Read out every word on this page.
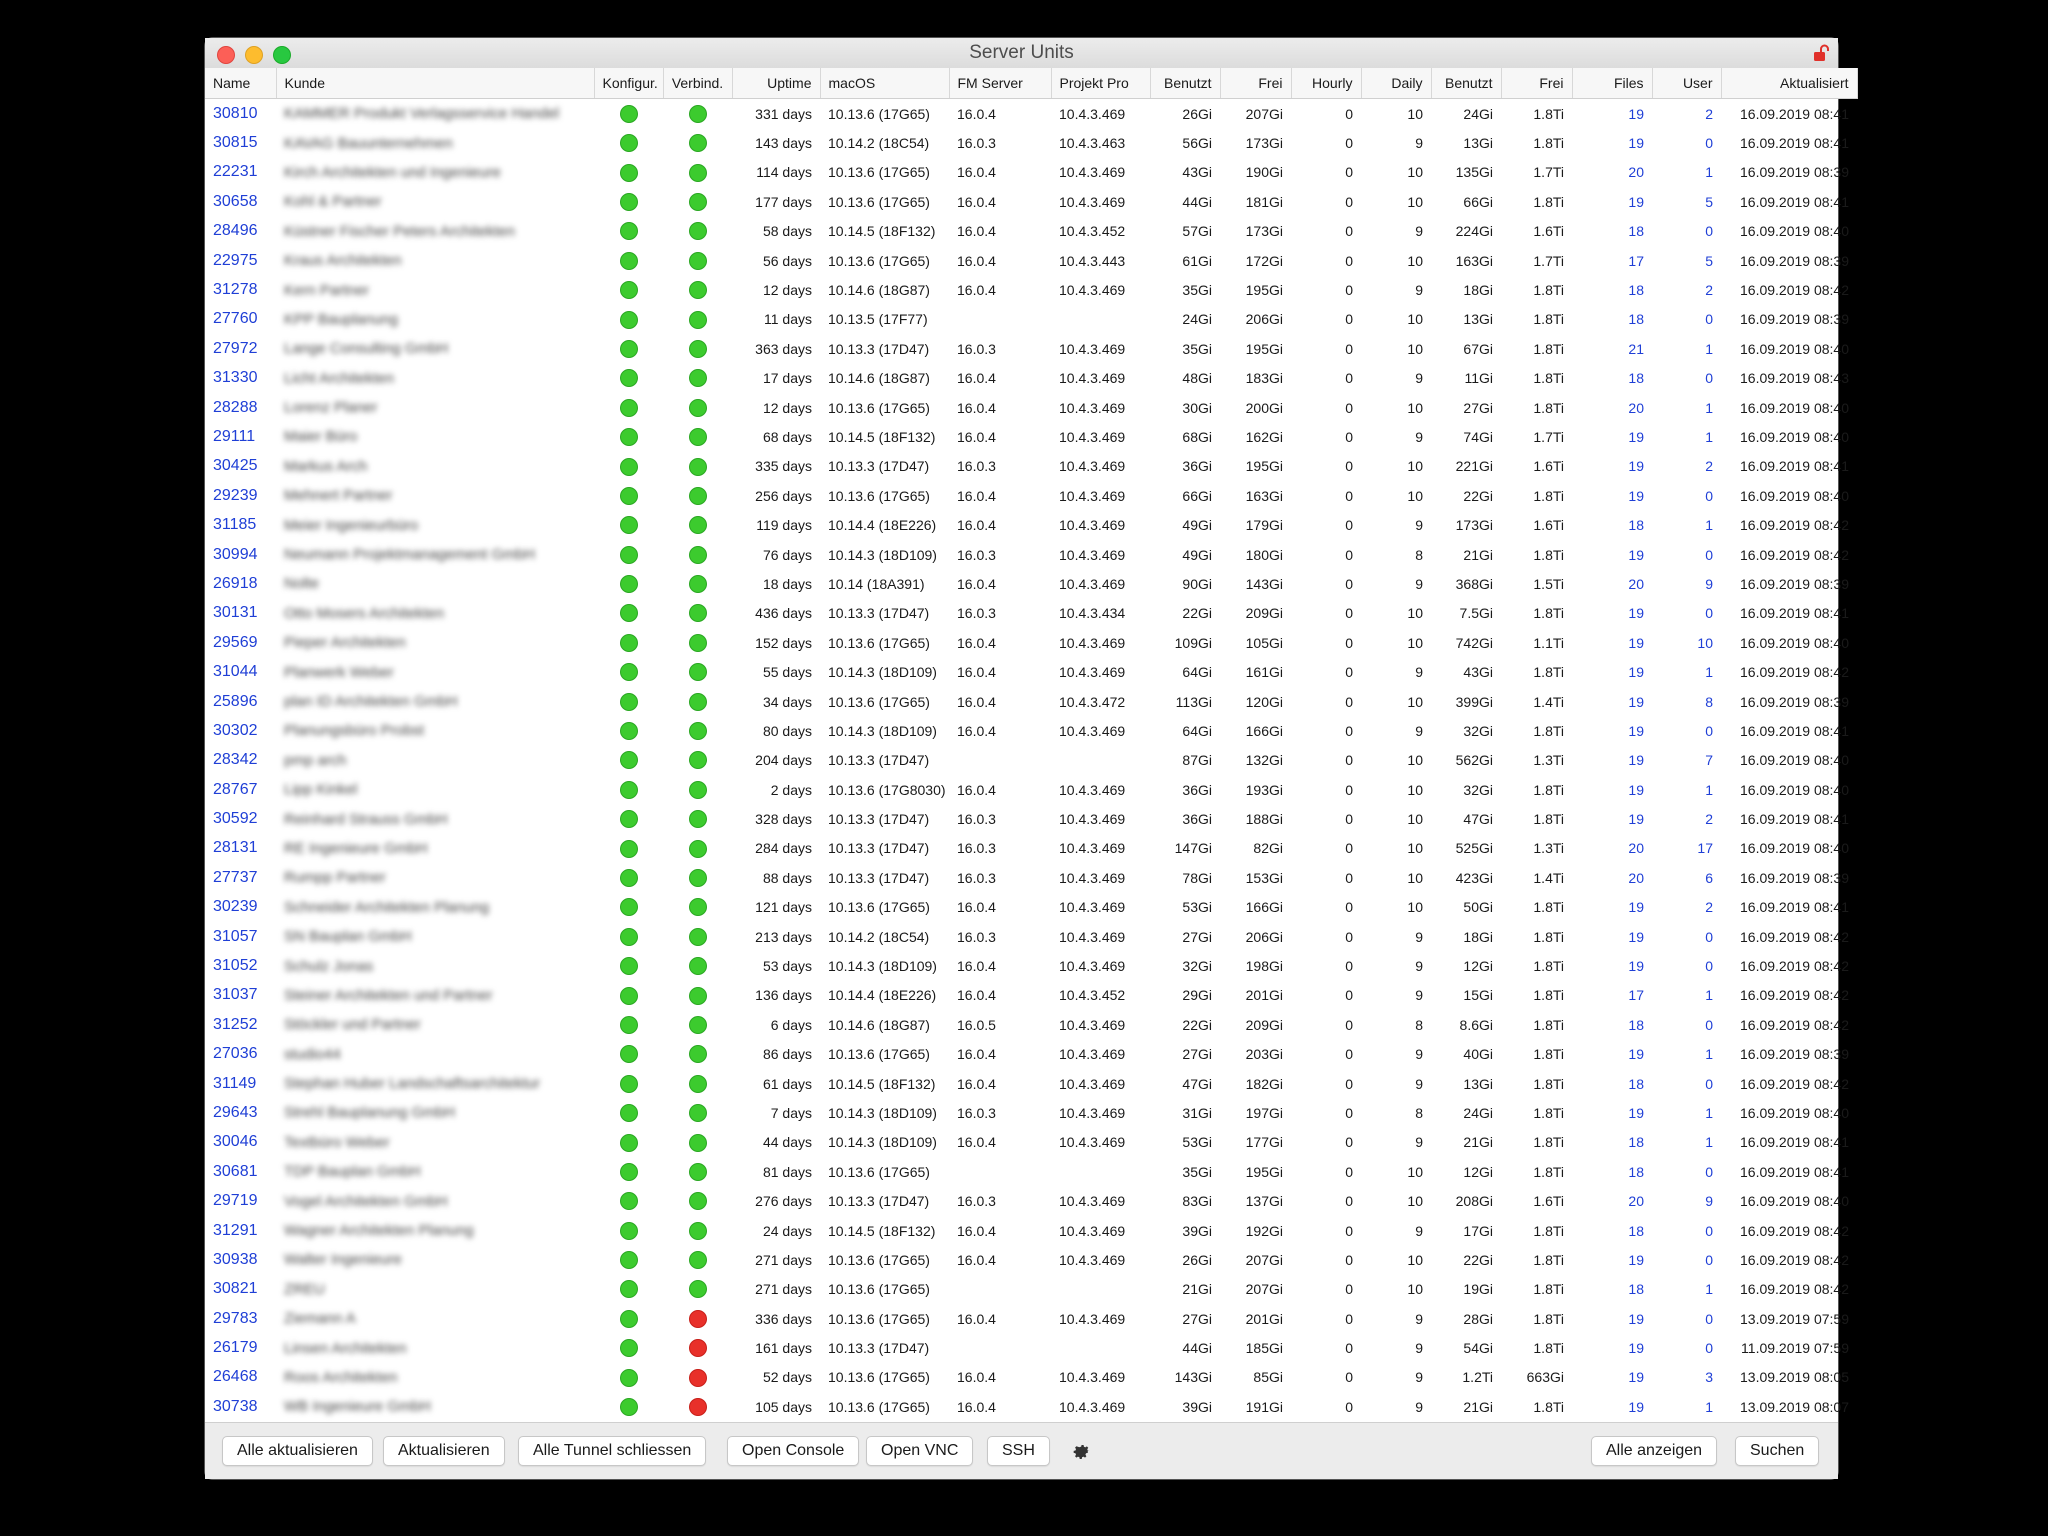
Server Units
Name	Kunde	Konfigur.	Verbind.	Uptime	macOS	FM Server	Projekt Pro	Benutzt	Frei	Hourly	Daily	Benutzt	Frei	Files	User	Aktualisiert
30810	KAMMER Produkt Verlagsservice Handel			331 days	10.13.6 (17G65)	16.0.4	10.4.3.469	26Gi	207Gi	0	10	24Gi	1.8Ti	19	2	16.09.2019 08:41
30815	KAVAG Bauunternehmen			143 days	10.14.2 (18C54)	16.0.3	10.4.3.463	56Gi	173Gi	0	9	13Gi	1.8Ti	19	0	16.09.2019 08:41
22231	Kirch Architekten und Ingenieure			114 days	10.13.6 (17G65)	16.0.4	10.4.3.469	43Gi	190Gi	0	10	135Gi	1.7Ti	20	1	16.09.2019 08:39
30658	Kohl & Partner			177 days	10.13.6 (17G65)	16.0.4	10.4.3.469	44Gi	181Gi	0	10	66Gi	1.8Ti	19	5	16.09.2019 08:41
28496	Küstner Fischer Peters Architekten			58 days	10.14.5 (18F132)	16.0.4	10.4.3.452	57Gi	173Gi	0	9	224Gi	1.6Ti	18	0	16.09.2019 08:40
22975	Kraus Architekten			56 days	10.13.6 (17G65)	16.0.4	10.4.3.443	61Gi	172Gi	0	10	163Gi	1.7Ti	17	5	16.09.2019 08:39
31278	Kern Partner			12 days	10.14.6 (18G87)	16.0.4	10.4.3.469	35Gi	195Gi	0	9	18Gi	1.8Ti	18	2	16.09.2019 08:42
27760	KPP Bauplanung			11 days	10.13.5 (17F77)			24Gi	206Gi	0	10	13Gi	1.8Ti	18	0	16.09.2019 08:39
27972	Lange Consulting GmbH			363 days	10.13.3 (17D47)	16.0.3	10.4.3.469	35Gi	195Gi	0	10	67Gi	1.8Ti	21	1	16.09.2019 08:40
31330	Licht Architekten			17 days	10.14.6 (18G87)	16.0.4	10.4.3.469	48Gi	183Gi	0	9	11Gi	1.8Ti	18	0	16.09.2019 08:43
28288	Lorenz Planer			12 days	10.13.6 (17G65)	16.0.4	10.4.3.469	30Gi	200Gi	0	10	27Gi	1.8Ti	20	1	16.09.2019 08:40
29111	Maier Büro			68 days	10.14.5 (18F132)	16.0.4	10.4.3.469	68Gi	162Gi	0	9	74Gi	1.7Ti	19	1	16.09.2019 08:40
30425	Markus Arch			335 days	10.13.3 (17D47)	16.0.3	10.4.3.469	36Gi	195Gi	0	10	221Gi	1.6Ti	19	2	16.09.2019 08:41
29239	Mehnert Partner			256 days	10.13.6 (17G65)	16.0.4	10.4.3.469	66Gi	163Gi	0	10	22Gi	1.8Ti	19	0	16.09.2019 08:40
31185	Meier Ingenieurbüro			119 days	10.14.4 (18E226)	16.0.4	10.4.3.469	49Gi	179Gi	0	9	173Gi	1.6Ti	18	1	16.09.2019 08:42
30994	Neumann Projektmanagement GmbH			76 days	10.14.3 (18D109)	16.0.3	10.4.3.469	49Gi	180Gi	0	8	21Gi	1.8Ti	19	0	16.09.2019 08:42
26918	Nolte			18 days	10.14 (18A391)	16.0.4	10.4.3.469	90Gi	143Gi	0	9	368Gi	1.5Ti	20	9	16.09.2019 08:39
30131	Otto Mosers Architekten			436 days	10.13.3 (17D47)	16.0.3	10.4.3.434	22Gi	209Gi	0	10	7.5Gi	1.8Ti	19	0	16.09.2019 08:41
29569	Pieper Architekten			152 days	10.13.6 (17G65)	16.0.4	10.4.3.469	109Gi	105Gi	0	10	742Gi	1.1Ti	19	10	16.09.2019 08:40
31044	Planwerk Weber			55 days	10.14.3 (18D109)	16.0.4	10.4.3.469	64Gi	161Gi	0	9	43Gi	1.8Ti	19	1	16.09.2019 08:42
25896	plan ID Architekten GmbH			34 days	10.13.6 (17G65)	16.0.4	10.4.3.472	113Gi	120Gi	0	10	399Gi	1.4Ti	19	8	16.09.2019 08:39
30302	Planungsbüro Probst			80 days	10.14.3 (18D109)	16.0.4	10.4.3.469	64Gi	166Gi	0	9	32Gi	1.8Ti	19	0	16.09.2019 08:41
28342	pmp arch			204 days	10.13.3 (17D47)			87Gi	132Gi	0	10	562Gi	1.3Ti	19	7	16.09.2019 08:40
28767	Lipp Kinkel			2 days	10.13.6 (17G8030)	16.0.4	10.4.3.469	36Gi	193Gi	0	10	32Gi	1.8Ti	19	1	16.09.2019 08:40
30592	Reinhard Strauss GmbH			328 days	10.13.3 (17D47)	16.0.3	10.4.3.469	36Gi	188Gi	0	10	47Gi	1.8Ti	19	2	16.09.2019 08:41
28131	RE Ingenieure GmbH			284 days	10.13.3 (17D47)	16.0.3	10.4.3.469	147Gi	82Gi	0	10	525Gi	1.3Ti	20	17	16.09.2019 08:40
27737	Rumpp Partner			88 days	10.13.3 (17D47)	16.0.3	10.4.3.469	78Gi	153Gi	0	10	423Gi	1.4Ti	20	6	16.09.2019 08:39
30239	Schneider Architekten Planung			121 days	10.13.6 (17G65)	16.0.4	10.4.3.469	53Gi	166Gi	0	10	50Gi	1.8Ti	19	2	16.09.2019 08:41
31057	SN Bauplan GmbH			213 days	10.14.2 (18C54)	16.0.3	10.4.3.469	27Gi	206Gi	0	9	18Gi	1.8Ti	19	0	16.09.2019 08:42
31052	Schulz Jonas			53 days	10.14.3 (18D109)	16.0.4	10.4.3.469	32Gi	198Gi	0	9	12Gi	1.8Ti	19	0	16.09.2019 08:42
31037	Steiner Architekten und Partner			136 days	10.14.4 (18E226)	16.0.4	10.4.3.452	29Gi	201Gi	0	9	15Gi	1.8Ti	17	1	16.09.2019 08:42
31252	Stöckler und Partner			6 days	10.14.6 (18G87)	16.0.5	10.4.3.469	22Gi	209Gi	0	8	8.6Gi	1.8Ti	18	0	16.09.2019 08:42
27036	studio44			86 days	10.13.6 (17G65)	16.0.4	10.4.3.469	27Gi	203Gi	0	9	40Gi	1.8Ti	19	1	16.09.2019 08:39
31149	Stephan Huber Landschaftsarchitektur			61 days	10.14.5 (18F132)	16.0.4	10.4.3.469	47Gi	182Gi	0	9	13Gi	1.8Ti	18	0	16.09.2019 08:42
29643	Strehl Bauplanung GmbH			7 days	10.14.3 (18D109)	16.0.3	10.4.3.469	31Gi	197Gi	0	8	24Gi	1.8Ti	19	1	16.09.2019 08:40
30046	Textbüro Weber			44 days	10.14.3 (18D109)	16.0.4	10.4.3.469	53Gi	177Gi	0	9	21Gi	1.8Ti	18	1	16.09.2019 08:41
30681	TDP Bauplan GmbH			81 days	10.13.6 (17G65)			35Gi	195Gi	0	10	12Gi	1.8Ti	18	0	16.09.2019 08:41
29719	Vogel Architekten GmbH			276 days	10.13.3 (17D47)	16.0.3	10.4.3.469	83Gi	137Gi	0	10	208Gi	1.6Ti	20	9	16.09.2019 08:40
31291	Wagner Architekten Planung			24 days	10.14.5 (18F132)	16.0.4	10.4.3.469	39Gi	192Gi	0	9	17Gi	1.8Ti	18	0	16.09.2019 08:42
30938	Walter Ingenieure			271 days	10.13.6 (17G65)	16.0.4	10.4.3.469	26Gi	207Gi	0	10	22Gi	1.8Ti	19	0	16.09.2019 08:42
30821	ZREU			271 days	10.13.6 (17G65)			21Gi	207Gi	0	10	19Gi	1.8Ti	18	1	16.09.2019 08:42
29783	Ziemann A			336 days	10.13.6 (17G65)	16.0.4	10.4.3.469	27Gi	201Gi	0	9	28Gi	1.8Ti	19	0	13.09.2019 07:59
26179	Linsen Architekten			161 days	10.13.3 (17D47)			44Gi	185Gi	0	9	54Gi	1.8Ti	19	0	11.09.2019 07:59
26468	Roos Architekten			52 days	10.13.6 (17G65)	16.0.4	10.4.3.469	143Gi	85Gi	0	9	1.2Ti	663Gi	19	3	13.09.2019 08:05
30738	WB Ingenieure GmbH			105 days	10.13.6 (17G65)	16.0.4	10.4.3.469	39Gi	191Gi	0	9	21Gi	1.8Ti	19	1	13.09.2019 08:07
Alle aktualisieren	Aktualisieren	Alle Tunnel schliessen	Open Console	Open VNC	SSH	Alle anzeigen	Suchen
